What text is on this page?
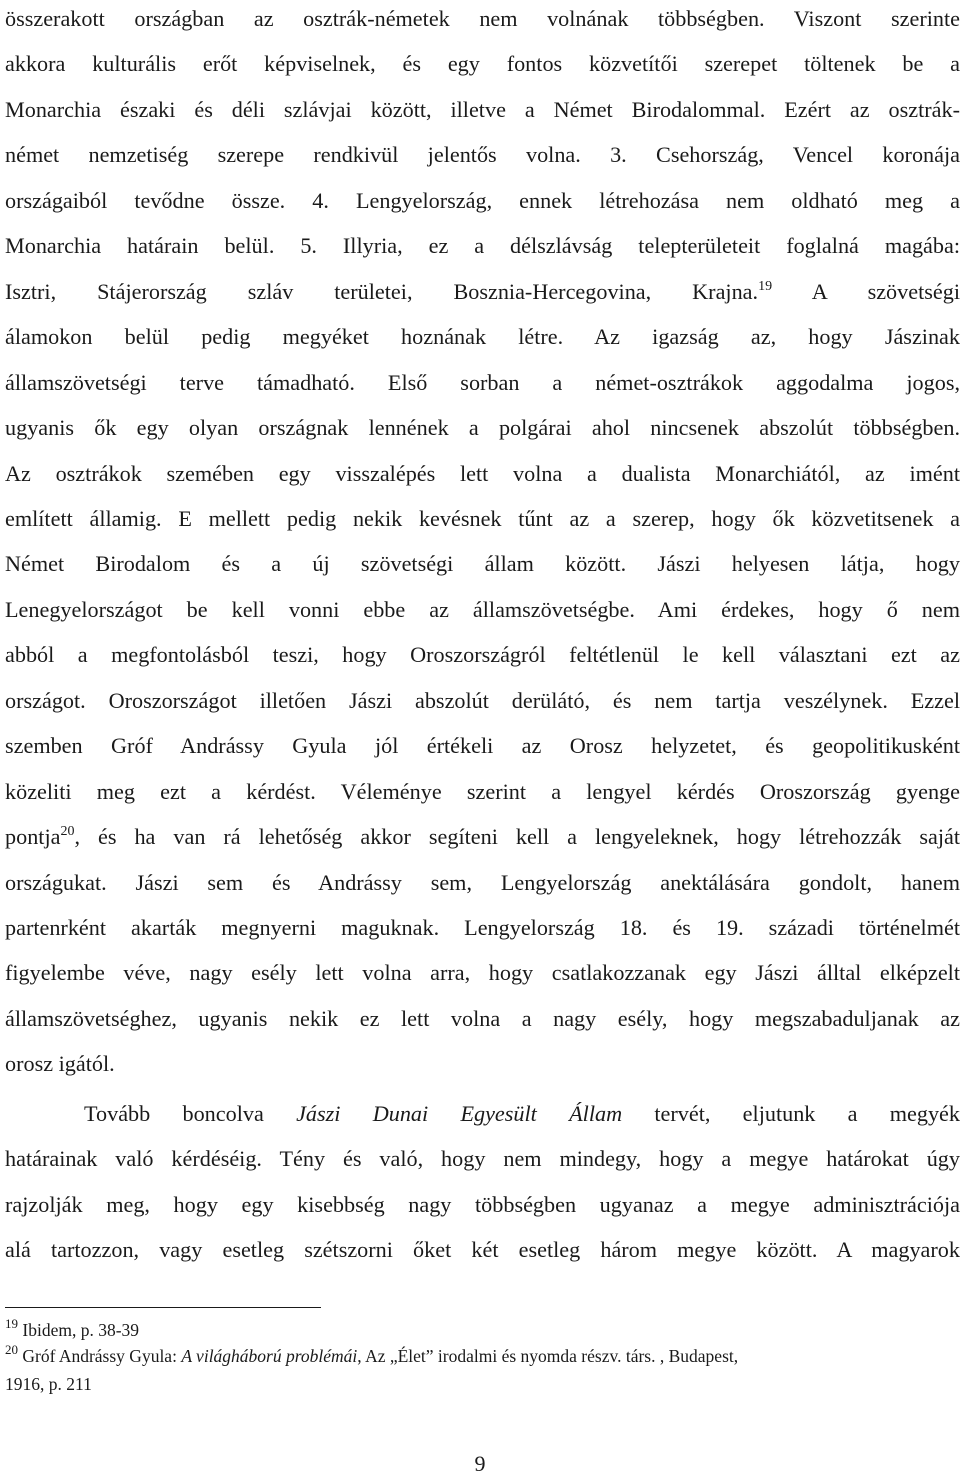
összerakott országban az osztrák-németek nem volnának többségben. Viszont szerinte
akkora kulturális erőt képviselnek, és egy fontos közvetítői szerepet töltenek be a
Monarchia északi és déli szlávjai között, illetve a Német Birodalommal. Ezért az osztrák-
német nemzetiség szerepe rendkivül jelentős volna. 3. Csehország, Vencel koronája
országaiból tevődne össze. 4. Lengyelország, ennek létrehozása nem oldható meg a
Monarchia határain belül. 5. Illyria, ez a délszlávság telepterületeit foglalná magába:
Isztri, Stájerország szláv területei, Bosznia-Hercegovina, Krajna.$^{19}$ A szövetségi
álamokon belül pedig megyéket hoznának létre. Az igazság az, hogy Jászinak
államszövetségi terve támadható. Első sorban a német-osztrákok aggodalma jogos,
ugyanis ők egy olyan országnak lennének a polgárai ahol nincsenek abszolút többségben.
Az osztrákok szemében egy visszalépés lett volna a dualista Monarchiától, az imént
említett államig. E mellett pedig nekik kevésnek tűnt az a szerep, hogy ők közvetitsenek a
Német Birodalom és a új szövetségi állam között. Jászi helyesen látja, hogy
Lenegyelországot be kell vonni ebbe az államszövetségbe. Ami érdekes, hogy ő nem
abból a megfontolásból teszi, hogy Oroszországról feltétlenül le kell választani ezt az
országot. Oroszországot illetően Jászi abszolút derülátó, és nem tartja veszélynek. Ezzel
szemben Gróf Andrássy Gyula jól értékeli az Orosz helyzetet, és geopolitikusként
közeliti meg ezt a kérdést. Véleménye szerint a lengyel kérdés Oroszország gyenge
pontja$^{20}$, és ha van rá lehetőség akkor segíteni kell a lengyeleknek, hogy létrehozzák saját
országukat. Jászi sem és Andrássy sem, Lengyelország anektálására gondolt, hanem
partenrként akarták megnyerni maguknak. Lengyelország 18. és 19. századi történelmét
figyelembe véve, nagy esély lett volna arra, hogy csatlakozzanak egy Jászi álltal elképzelt
államszövetséghez, ugyanis nekik ez lett volna a nagy esély, hogy megszabaduljanak az
orosz igától.
Tovább boncolva Jászi Dunai Egyesült Állam tervét, eljutunk a megyék
határainak való kérdéséig. Tény és való, hogy nem mindegy, hogy a megye határokat úgy
rajzolják meg, hogy egy kisebbség nagy többségben ugyanaz a megye adminisztrációja
alá tartozzon, vagy esetleg szétszorni őket két esetleg három megye között. A magyarok
$^{19}$ Ibidem, p. 38-39
$^{20}$ Gróf Andrássy Gyula: A világháború problémái, Az „Élet” irodalmi és nyomda részv. társ. , Budapest,
1916, p. 211
9
